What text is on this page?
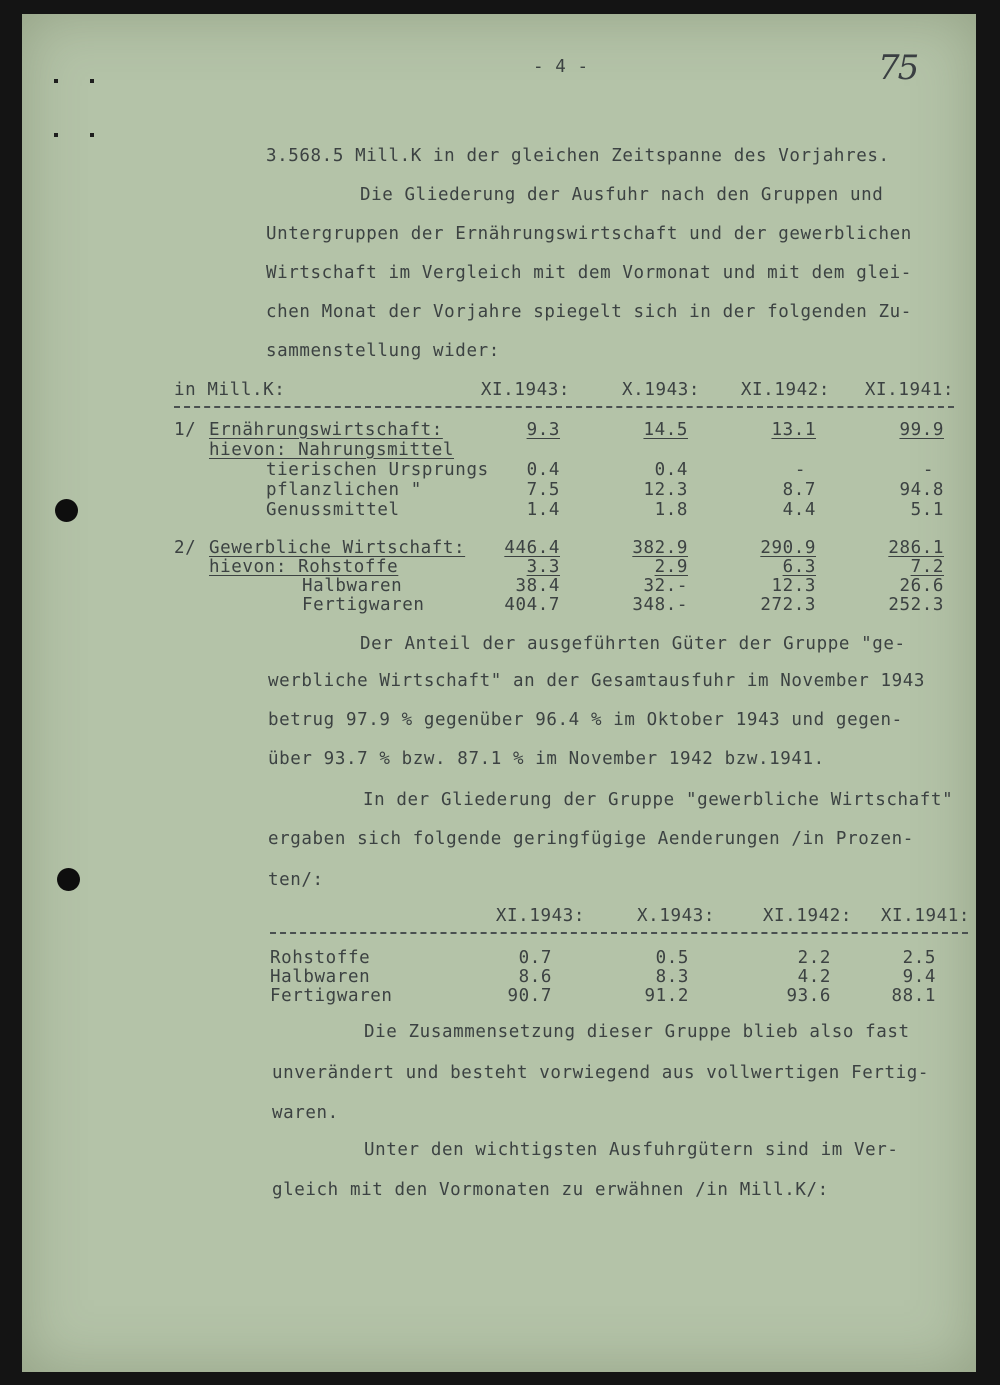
- 4 -	75
3.568.5 Mill.K in der gleichen Zeitspanne des Vorjahres.
Die Gliederung der Ausfuhr nach den Gruppen und
Untergruppen der Ernährungswirtschaft und der gewerblichen
Wirtschaft im Vergleich mit dem Vormonat und mit dem glei-
chen Monat der Vorjahre spiegelt sich in der folgenden Zu-
sammenstellung wider:
in Mill.K:	XI.1943:	X.1943:	XI.1942:	XI.1941:
1/ Ernährungswirtschaft:	9.3	14.5	13.1	99.9
hievon: Nahrungsmittel
tierischen Ursprungs	0.4	0.4	-	-
pflanzlichen "	7.5	12.3	8.7	94.8
Genussmittel	1.4	1.8	4.4	5.1
2/ Gewerbliche Wirtschaft:	446.4	382.9	290.9	286.1
hievon: Rohstoffe	3.3	2.9	6.3	7.2
Halbwaren	38.4	32.-	12.3	26.6
Fertigwaren	404.7	348.-	272.3	252.3
Der Anteil der ausgeführten Güter der Gruppe "ge-
werbliche Wirtschaft" an der Gesamtausfuhr im November 1943
betrug 97.9 % gegenüber 96.4 % im Oktober 1943 und gegen-
über 93.7 % bzw. 87.1 % im November 1942 bzw.1941.
In der Gliederung der Gruppe "gewerbliche Wirtschaft"
ergaben sich folgende geringfügige Aenderungen /in Prozen-
ten/:
XI.1943:	X.1943:	XI.1942:	XI.1941:
Rohstoffe	0.7	0.5	2.2	2.5
Halbwaren	8.6	8.3	4.2	9.4
Fertigwaren	90.7	91.2	93.6	88.1
Die Zusammensetzung dieser Gruppe blieb also fast
unverändert und besteht vorwiegend aus vollwertigen Fertig-
waren.
Unter den wichtigsten Ausfuhrgütern sind im Ver-
gleich mit den Vormonaten zu erwähnen /in Mill.K/:
